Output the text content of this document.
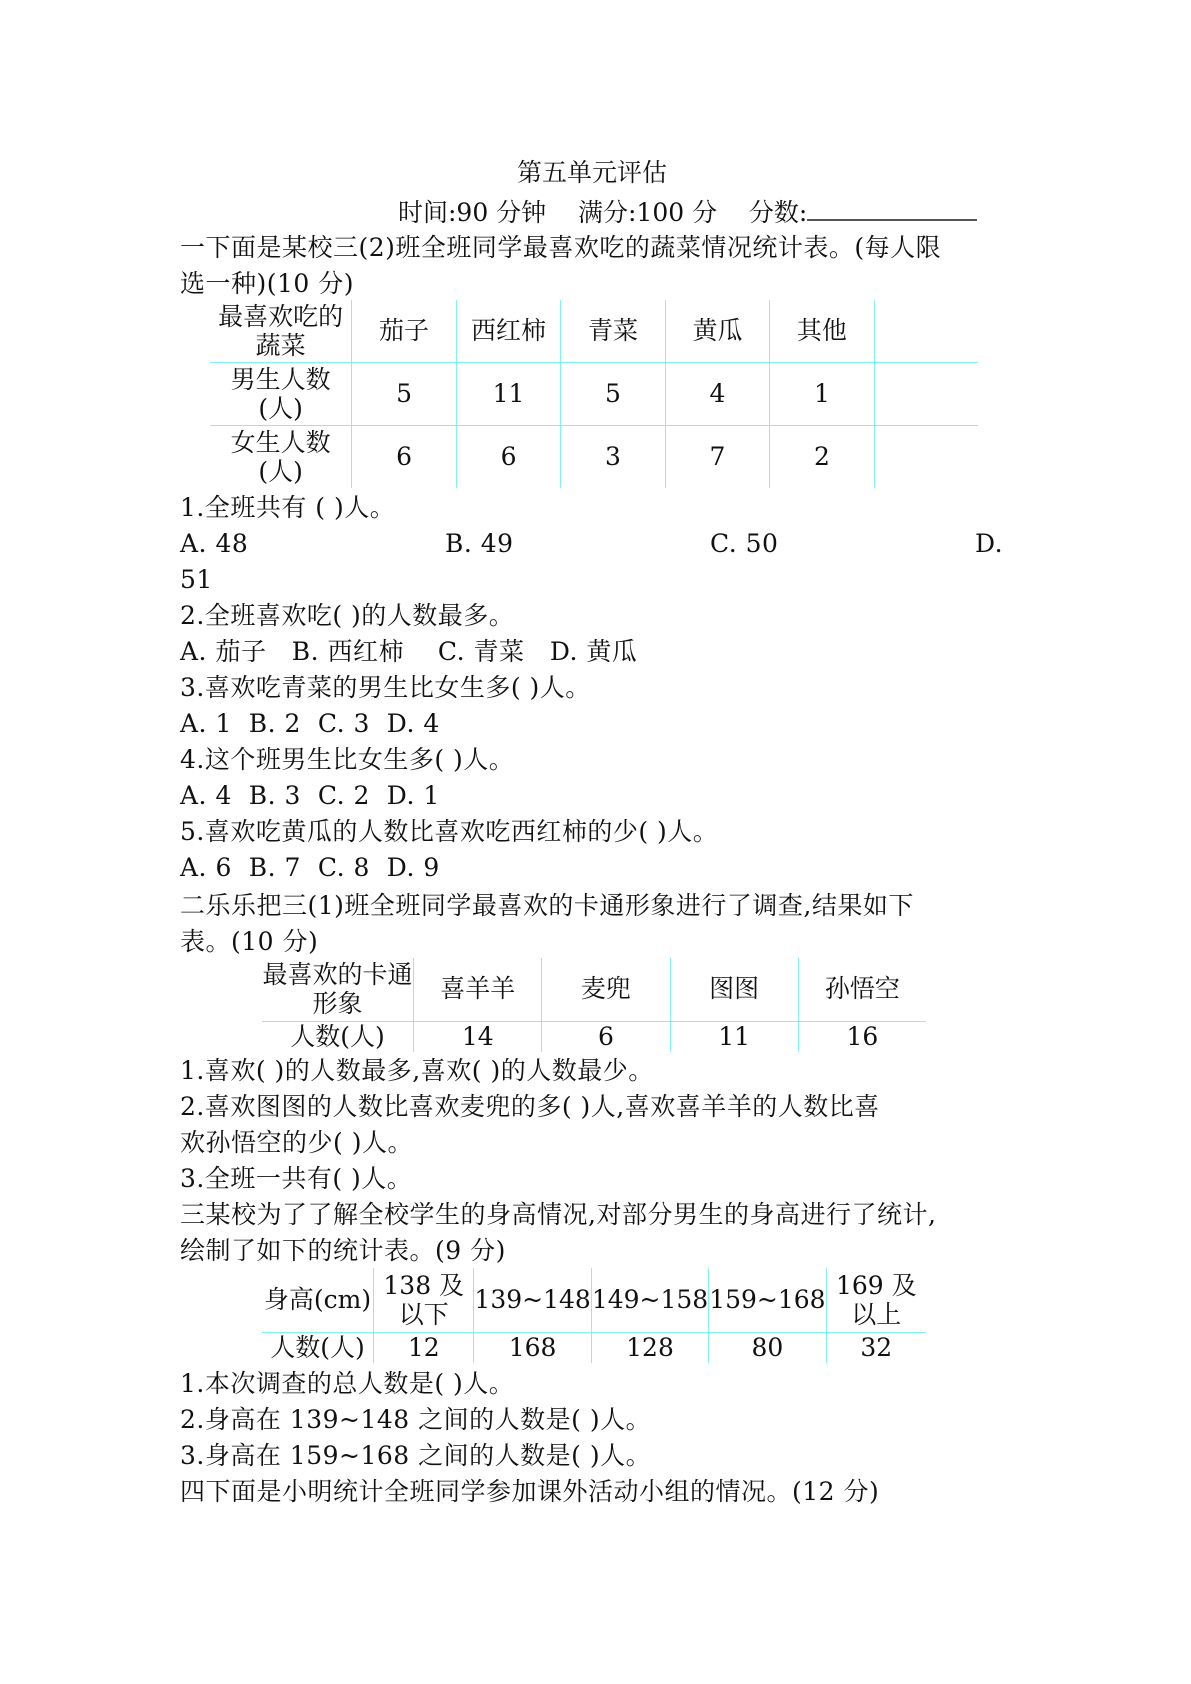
第五单元评估
时间:90 分钟 满分:100 分 分数:
一下面是某校三(2)班全班同学最喜欢吃的蔬菜情况统计表。(每人限
选一种)(10 分)
最喜欢吃的蔬菜	茄子	西红柿	青菜	黄瓜	其他	
男生人数(人)	5	11	5	4	1	
女生人数(人)	6	6	3	7	2	
1.全班共有 ( )人。
A. 48	B. 49	C. 50	D.
51
2.全班喜欢吃( )的人数最多。
A. 茄子 B. 西红柿 C. 青菜 D. 黄瓜
3.喜欢吃青菜的男生比女生多( )人。
A. 1 B. 2 C. 3 D. 4
4.这个班男生比女生多( )人。
A. 4 B. 3 C. 2 D. 1
5.喜欢吃黄瓜的人数比喜欢吃西红柿的少( )人。
A. 6 B. 7 C. 8 D. 9
二乐乐把三(1)班全班同学最喜欢的卡通形象进行了调查,结果如下
表。(10 分)
最喜欢的卡通形象	喜羊羊	麦兜	图图	孙悟空
人数(人)	14	6	11	16
1.喜欢( )的人数最多,喜欢( )的人数最少。
2.喜欢图图的人数比喜欢麦兜的多( )人,喜欢喜羊羊的人数比喜
欢孙悟空的少( )人。
3.全班一共有( )人。
三某校为了了解全校学生的身高情况,对部分男生的身高进行了统计,
绘制了如下的统计表。(9 分)
身高(cm)	138 及以下	139~148	149~158	159~168	169 及以上
人数(人)	12	168	128	80	32
1.本次调查的总人数是( )人。
2.身高在 139~148 之间的人数是( )人。
3.身高在 159~168 之间的人数是( )人。
四下面是小明统计全班同学参加课外活动小组的情况。(12 分)
